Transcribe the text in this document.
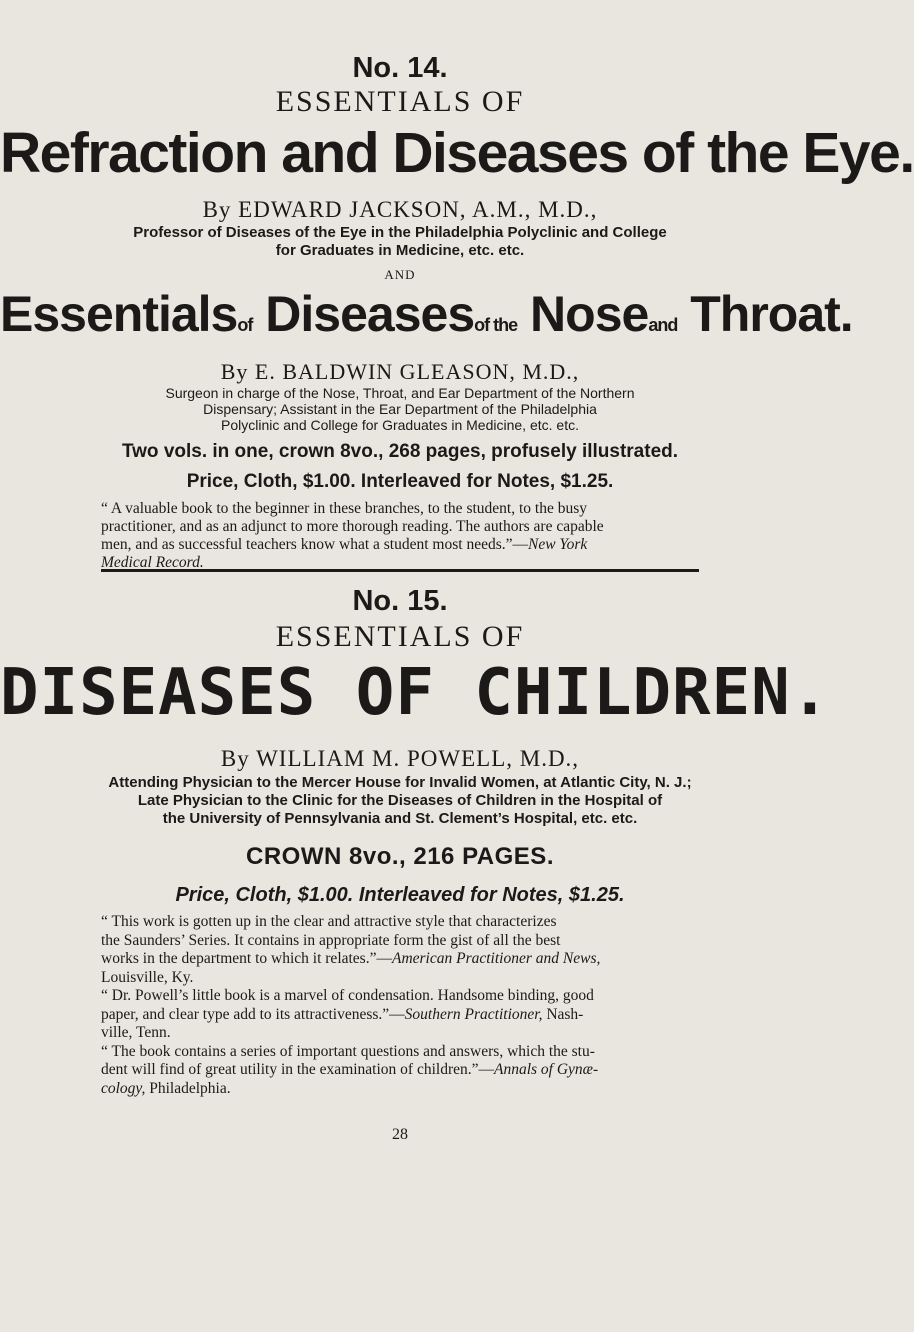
No. 14.
ESSENTIALS OF
Refraction and Diseases of the Eye.
By EDWARD JACKSON, A.M., M.D.,
Professor of Diseases of the Eye in the Philadelphia Polyclinic and College
for Graduates in Medicine, etc. etc.
AND
Essentialsof Diseasesof the Noseand Throat.
By E. BALDWIN GLEASON, M.D.,
Surgeon in charge of the Nose, Throat, and Ear Department of the Northern
Dispensary; Assistant in the Ear Department of the Philadelphia
Polyclinic and College for Graduates in Medicine, etc. etc.
Two vols. in one, crown 8vo., 268 pages, profusely illustrated.
Price, Cloth, $1.00. Interleaved for Notes, $1.25.
“ A valuable book to the beginner in these branches, to the student, to the busy
practitioner, and as an adjunct to more thorough reading. The authors are capable
men, and as successful teachers know what a student most needs.”—New York
Medical Record.
No. 15.
ESSENTIALS OF
DISEASES OF CHILDREN.
By WILLIAM M. POWELL, M.D.,
Attending Physician to the Mercer House for Invalid Women, at Atlantic City, N. J.;
Late Physician to the Clinic for the Diseases of Children in the Hospital of
the University of Pennsylvania and St. Clement’s Hospital, etc. etc.
CROWN 8vo., 216 PAGES.
Price, Cloth, $1.00. Interleaved for Notes, $1.25.
“ This work is gotten up in the clear and attractive style that characterizes
the Saunders’ Series. It contains in appropriate form the gist of all the best
works in the department to which it relates.”—American Practitioner and News,
Louisville, Ky.
“ Dr. Powell’s little book is a marvel of condensation. Handsome binding, good
paper, and clear type add to its attractiveness.”—Southern Practitioner, Nash-
ville, Tenn.
“ The book contains a series of important questions and answers, which the stu-
dent will find of great utility in the examination of children.”—Annals of Gynæ-
cology, Philadelphia.
28
